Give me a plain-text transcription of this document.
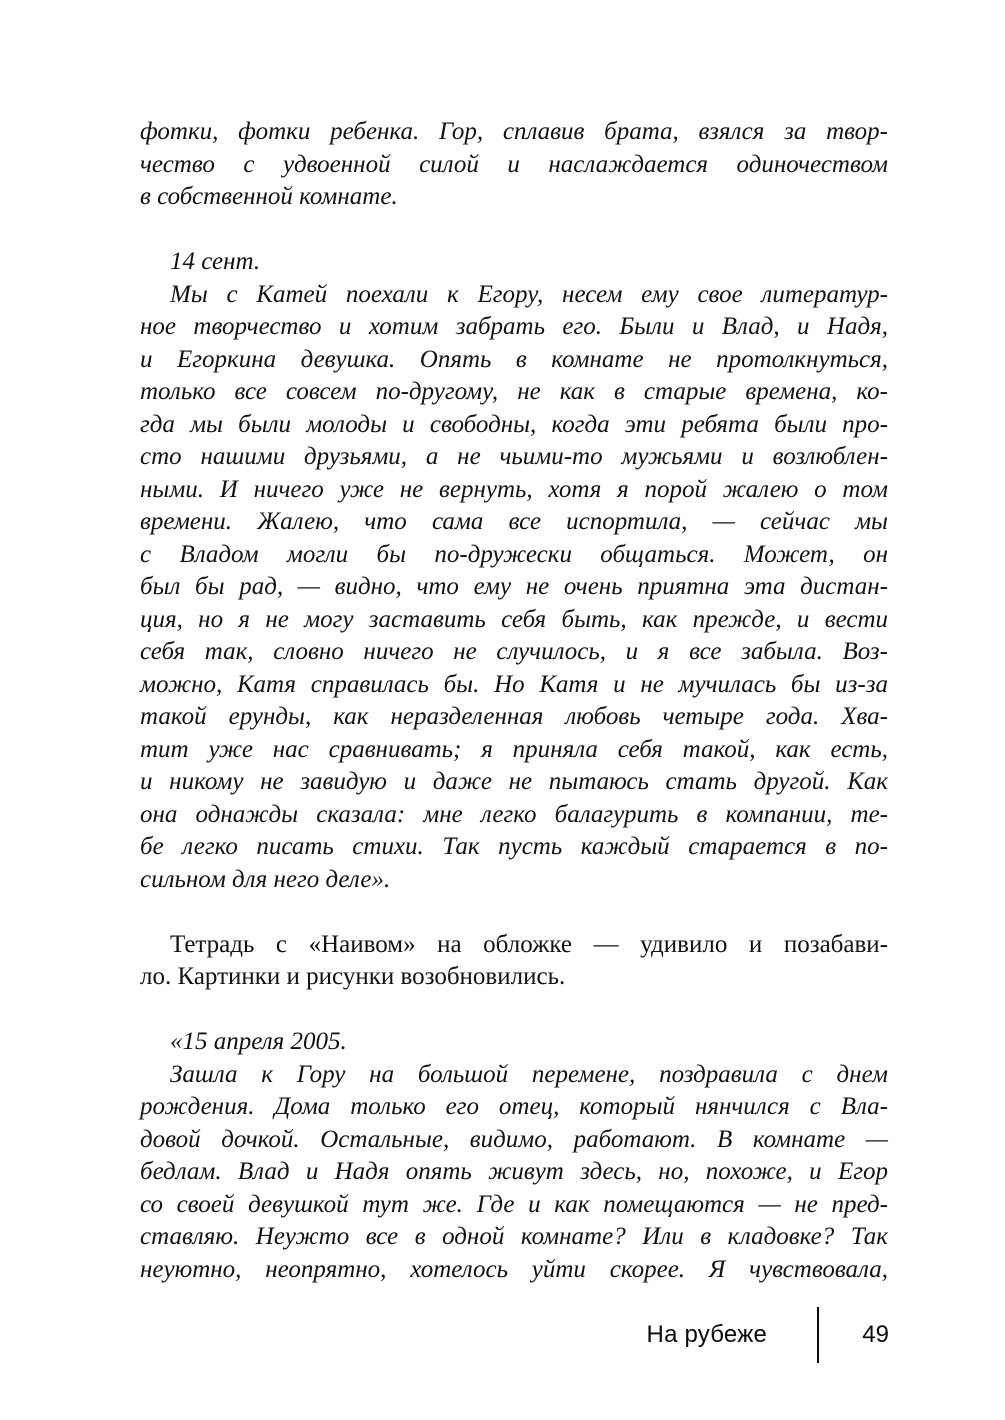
фотки, фотки ребенка. Гор, сплавив брата, взялся за твор-
чество с удвоенной силой и наслаждается одиночеством
в собственной комнате.

14 сент.

Мы с Катей поехали к Егору, несем ему свое литератур-
ное творчество и хотим забрать его. Были и Влад, и Надя,
и Егоркина девушка. Опять в комнате не протолкнуться,
только все совсем по-другому, не как в старые времена, ко-
гда мы были молоды и свободны, когда эти ребята были про-
сто нашими друзьями, а не чьими-то мужьями и возлюблен-
ными. И ничего уже не вернуть, хотя я порой жалею о том
времени. Жалею, что сама все испортила, — сейчас мы
с Владом могли бы по-дружески общаться. Может, он
был бы рад, — видно, что ему не очень приятна эта дистан-
ция, но я не могу заставить себя быть, как прежде, и вести
себя так, словно ничего не случилось, и я все забыла. Воз-
можно, Катя справилась бы. Но Катя и не мучилась бы из-за
такой ерунды, как неразделенная любовь четыре года. Хва-
тит уже нас сравнивать; я приняла себя такой, как есть,
и никому не завидую и даже не пытаюсь стать другой. Как
она однажды сказала: мне легко балагурить в компании, те-
бе легко писать стихи. Так пусть каждый старается в по-
сильном для него деле».

Тетрадь с «Наивом» на обложке — удивило и позабави-
ло. Картинки и рисунки возобновились.

«15 апреля 2005.

Зашла к Гору на большой перемене, поздравила с днем
рождения. Дома только его отец, который нянчился с Вла-
довой дочкой. Остальные, видимо, работают. В комнате —
бедлам. Влад и Надя опять живут здесь, но, похоже, и Егор
со своей девушкой тут же. Где и как помещаются — не пред-
ставляю. Неужто все в одной комнате? Или в кладовке? Так
неуютно, неопрятно, хотелось уйти скорее. Я чувствовала,

На рубеже	49
